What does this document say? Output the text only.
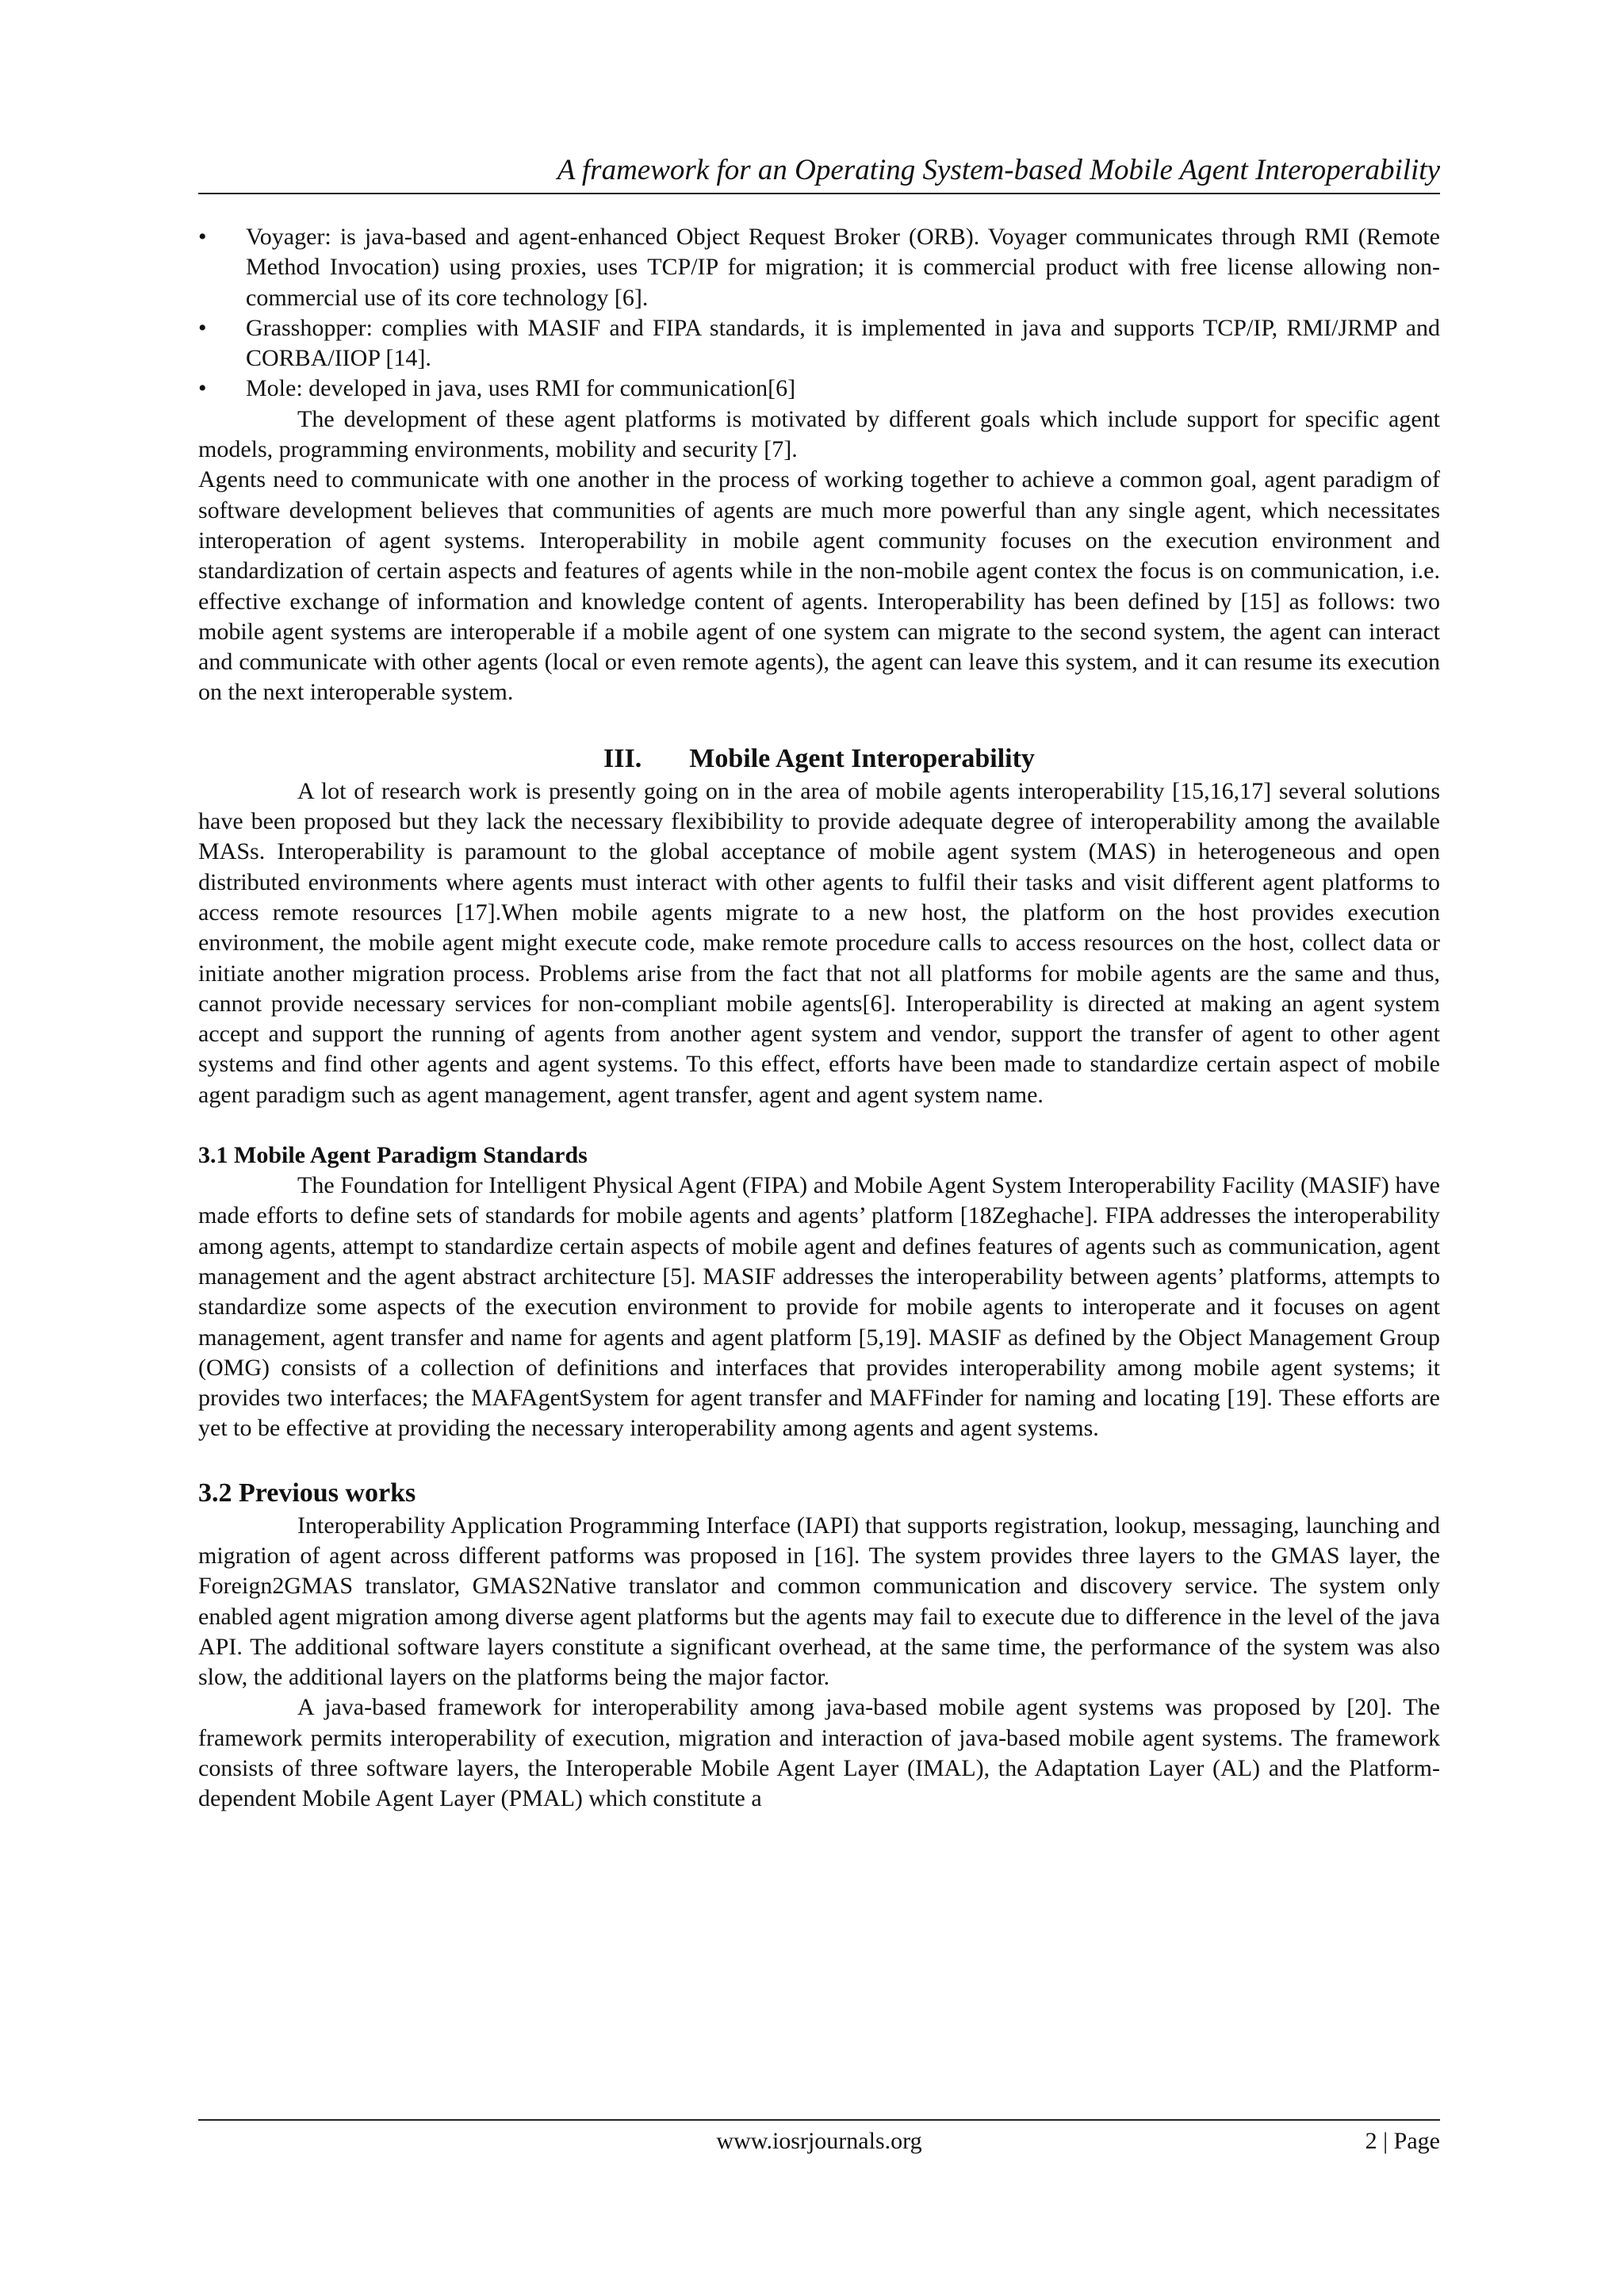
A framework for an Operating System-based Mobile Agent Interoperability
• Voyager: is java-based and agent-enhanced Object Request Broker (ORB). Voyager communicates through RMI (Remote Method Invocation) using proxies, uses TCP/IP for migration; it is commercial product with free license allowing non-commercial use of its core technology [6].
• Grasshopper: complies with MASIF and FIPA standards, it is implemented in java and supports TCP/IP, RMI/JRMP and CORBA/IIOP [14].
• Mole: developed in java, uses RMI for communication[6]

The development of these agent platforms is motivated by different goals which include support for specific agent models, programming environments, mobility and security [7].

Agents need to communicate with one another in the process of working together to achieve a common goal, agent paradigm of software development believes that communities of agents are much more powerful than any single agent, which necessitates interoperation of agent systems. Interoperability in mobile agent community focuses on the execution environment and standardization of certain aspects and features of agents while in the non-mobile agent contex the focus is on communication, i.e. effective exchange of information and knowledge content of agents. Interoperability has been defined by [15] as follows: two mobile agent systems are interoperable if a mobile agent of one system can migrate to the second system, the agent can interact and communicate with other agents (local or even remote agents), the agent can leave this system, and it can resume its execution on the next interoperable system.

III. Mobile Agent Interoperability

A lot of research work is presently going on in the area of mobile agents interoperability [15,16,17] several solutions have been proposed but they lack the necessary flexibibility to provide adequate degree of interoperability among the available MASs. Interoperability is paramount to the global acceptance of mobile agent system (MAS) in heterogeneous and open distributed environments where agents must interact with other agents to fulfil their tasks and visit different agent platforms to access remote resources [17].When mobile agents migrate to a new host, the platform on the host provides execution environment, the mobile agent might execute code, make remote procedure calls to access resources on the host, collect data or initiate another migration process. Problems arise from the fact that not all platforms for mobile agents are the same and thus, cannot provide necessary services for non-compliant mobile agents[6]. Interoperability is directed at making an agent system accept and support the running of agents from another agent system and vendor, support the transfer of agent to other agent systems and find other agents and agent systems. To this effect, efforts have been made to standardize certain aspect of mobile agent paradigm such as agent management, agent transfer, agent and agent system name.

3.1 Mobile Agent Paradigm Standards

The Foundation for Intelligent Physical Agent (FIPA) and Mobile Agent System Interoperability Facility (MASIF) have made efforts to define sets of standards for mobile agents and agents’ platform [18Zeghache]. FIPA addresses the interoperability among agents, attempt to standardize certain aspects of mobile agent and defines features of agents such as communication, agent management and the agent abstract architecture [5]. MASIF addresses the interoperability between agents’ platforms, attempts to standardize some aspects of the execution environment to provide for mobile agents to interoperate and it focuses on agent management, agent transfer and name for agents and agent platform [5,19]. MASIF as defined by the Object Management Group (OMG) consists of a collection of definitions and interfaces that provides interoperability among mobile agent systems; it provides two interfaces; the MAFAgentSystem for agent transfer and MAFFinder for naming and locating [19]. These efforts are yet to be effective at providing the necessary interoperability among agents and agent systems.

3.2 Previous works

Interoperability Application Programming Interface (IAPI) that supports registration, lookup, messaging, launching and migration of agent across different patforms was proposed in [16]. The system provides three layers to the GMAS layer, the Foreign2GMAS translator, GMAS2Native translator and common communication and discovery service. The system only enabled agent migration among diverse agent platforms but the agents may fail to execute due to difference in the level of the java API. The additional software layers constitute a significant overhead, at the same time, the performance of the system was also slow, the additional layers on the platforms being the major factor.

A java-based framework for interoperability among java-based mobile agent systems was proposed by [20]. The framework permits interoperability of execution, migration and interaction of java-based mobile agent systems. The framework consists of three software layers, the Interoperable Mobile Agent Layer (IMAL), the Adaptation Layer (AL) and the Platform-dependent Mobile Agent Layer (PMAL) which constitute a

www.iosrjournals.org	2 | Page
